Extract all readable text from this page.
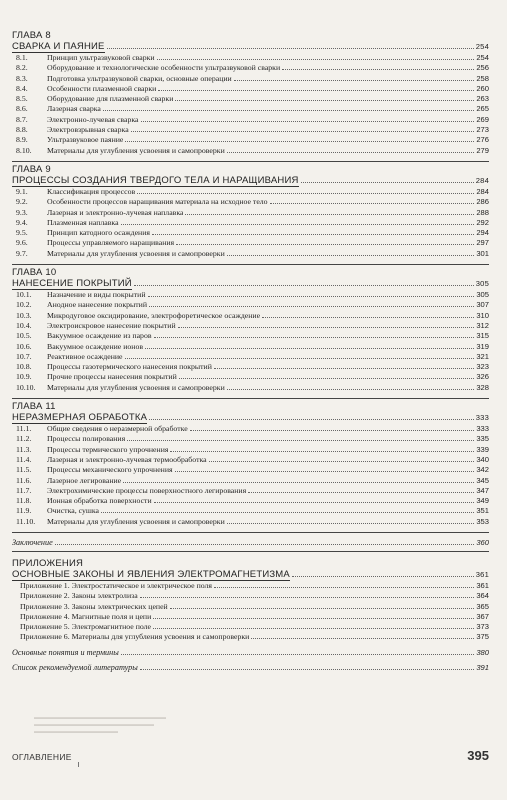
ГЛАВА 8
СВАРКА И ПАЯНИЕ	254
8.1.	Принцип ультразвуковой сварки	254
8.2.	Оборудование и технологические особенности ультразвуковой сварки	256
8.3.	Подготовка ультразвуковой сварки, основные операции	258
8.4.	Особенности плазменной сварки	260
8.5.	Оборудование для плазменной сварки	263
8.6.	Лазерная сварка	265
8.7.	Электронно-лучевая сварка	269
8.8.	Электровзрывная сварка	273
8.9.	Ультразвуковое паяние	276
8.10.	Материалы для углубления усвоения и самопроверки	279
ГЛАВА 9
ПРОЦЕССЫ СОЗДАНИЯ ТВЕРДОГО ТЕЛА И НАРАЩИВАНИЯ	284
9.1.	Классификация процессов	284
9.2.	Особенности процессов наращивания материала на исходное тело	286
9.3.	Лазерная и электронно-лучевая наплавка	288
9.4.	Плазменная наплавка	292
9.5.	Принцип катодного осаждения	294
9.6.	Процессы управляемого наращивания	297
9.7.	Материалы для углубления усвоения и самопроверки	301
ГЛАВА 10
НАНЕСЕНИЕ ПОКРЫТИЙ	305
10.1.	Назначение и виды покрытий	305
10.2.	Анодное нанесение покрытий	307
10.3.	Микродуговое оксидирование, электрофоретическое осаждение	310
10.4.	Электроискровое нанесение покрытий	312
10.5.	Вакуумное осаждение из паров	315
10.6.	Вакуумное осаждение ионов	319
10.7.	Реактивное осаждение	321
10.8.	Процессы газотермического нанесения покрытий	323
10.9.	Прочие процессы нанесения покрытий	326
10.10.	Материалы для углубления усвоения и самопроверки	328
ГЛАВА 11
НЕРАЗМЕРНАЯ ОБРАБОТКА	333
11.1.	Общие сведения о неразмерной обработке	333
11.2.	Процессы полирования	335
11.3.	Процессы термического упрочнения	339
11.4.	Лазерная и электронно-лучевая термообработка	340
11.5.	Процессы механического упрочнения	342
11.6.	Лазерное легирование	345
11.7.	Электрохимические процессы поверхностного легирования	347
11.8.	Ионная обработка поверхности	349
11.9.	Очистка, сушка	351
11.10.	Материалы для углубления усвоения и самопроверки	353
Заключение	360
ПРИЛОЖЕНИЯ
ОСНОВНЫЕ ЗАКОНЫ И ЯВЛЕНИЯ ЭЛЕКТРОМАГНЕТИЗМА	361
Приложение 1. Электростатическое и электрическое поля	361
Приложение 2. Законы электролиза	364
Приложение 3. Законы электрических цепей	365
Приложение 4. Магнитные поля и цепи	367
Приложение 5. Электромагнитное поле	373
Приложение 6. Материалы для углубления усвоения и самопроверки	375
Основные понятия и термины	380
Список рекомендуемой литературы	391
▬▬▬▬▬▬▬▬▬▬▬▬▬▬▬▬▬▬▬▬▬▬
▬▬▬▬▬▬▬▬▬▬▬▬▬▬▬▬▬▬▬▬
▬▬▬▬▬▬▬▬▬▬▬▬▬▬
ОГЛАВЛЕНИЕ	395
